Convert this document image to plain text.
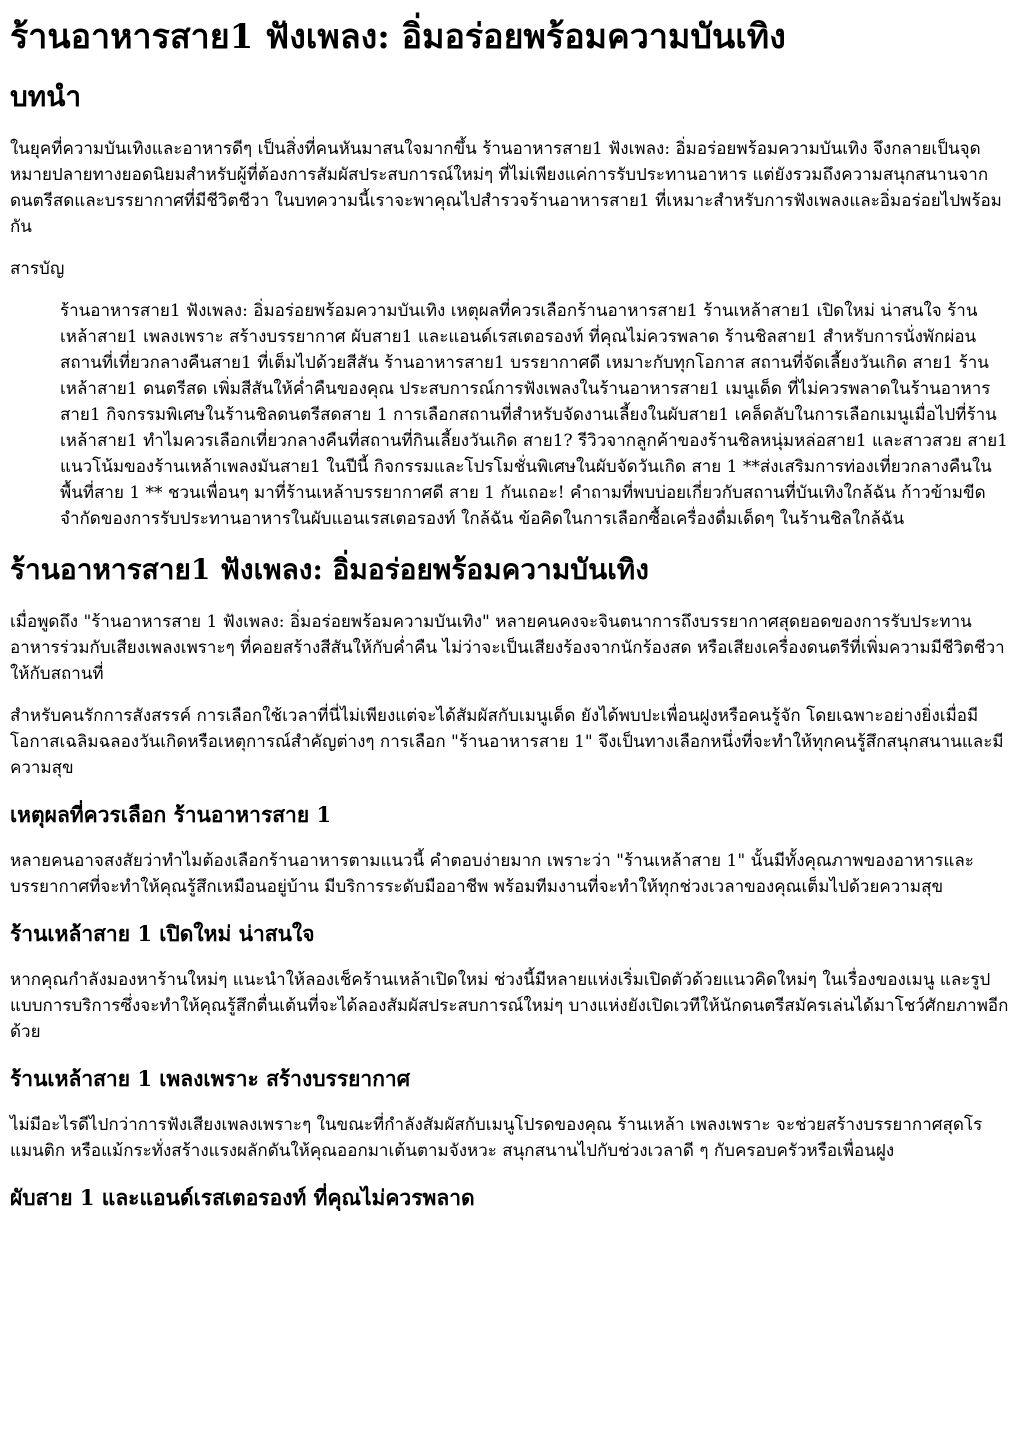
ร้านอาหารสาย1 ฟังเพลง: อิ่มอร่อยพร้อมความบันเทิง
บทนำ

ในยุคที่ความบันเทิงและอาหารดีๆ เป็นสิ่งที่คนหันมาสนใจมากขึ้น ร้านอาหารสาย1 ฟังเพลง: อิ่มอร่อยพร้อมความบันเทิง จึงกลายเป็นจุดหมายปลายทางยอดนิยมสำหรับผู้ที่ต้องการสัมผัสประสบการณ์ใหม่ๆ ที่ไม่เพียงแค่การรับประทานอาหาร แต่ยังรวมถึงความสนุกสนานจากดนตรีสดและบรรยากาศที่มีชีวิตชีวา ในบทความนี้เราจะพาคุณไปสำรวจร้านอาหารสาย1 ที่เหมาะสำหรับการฟังเพลงและอิ่มอร่อยไปพร้อมกัน

สารบัญ
ร้านอาหารสาย1 ฟังเพลง: อิ่มอร่อยพร้อมความบันเทิง เหตุผลที่ควรเลือกร้านอาหารสาย1 ร้านเหล้าสาย1 เปิดใหม่ น่าสนใจ ร้านเหล้าสาย1 เพลงเพราะ สร้างบรรยากาศ ผับสาย1 และแอนด์เรสเตอรองท์ ที่คุณไม่ควรพลาด ร้านชิลสาย1 สำหรับการนั่งพักผ่อน สถานที่เที่ยวกลางคืนสาย1 ที่เต็มไปด้วยสีสัน ร้านอาหารสาย1 บรรยากาศดี เหมาะกับทุกโอกาส สถานที่จัดเลี้ยงวันเกิด สาย1 ร้านเหล้าสาย1 ดนตรีสด เพิ่มสีสันให้ค่ำคืนของคุณ ประสบการณ์การฟังเพลงในร้านอาหารสาย1 เมนูเด็ด ที่ไม่ควรพลาดในร้านอาหารสาย1 กิจกรรมพิเศษในร้านชิลดนตรีสดสาย 1 การเลือกสถานที่สำหรับจัดงานเลี้ยงในผับสาย1 เคล็ดลับในการเลือกเมนูเมื่อไปที่ร้านเหล้าสาย1 ทำไมควรเลือกเที่ยวกลางคืนที่สถานที่กินเลี้ยงวันเกิด สาย1? รีวิวจากลูกค้าของร้านชิลหนุ่มหล่อสาย1 และสาวสวย สาย1 แนวโน้มของร้านเหล้าเพลงมันสาย1 ในปีนี้ กิจกรรมและโปรโมชั่นพิเศษในผับจัดวันเกิด สาย 1 **ส่งเสริมการท่องเที่ยวกลางคืนในพื้นที่สาย 1 ** ชวนเพื่อนๆ มาที่ร้านเหล้าบรรยากาศดี สาย 1 กันเถอะ! คำถามที่พบบ่อยเกี่ยวกับสถานที่บันเทิงใกล้ฉัน ก้าวข้ามขีดจำกัดของการรับประทานอาหารในผับแอนเรสเตอรองท์ ใกล้ฉัน ข้อคิดในการเลือกซื้อเครื่องดื่มเด็ดๆ ในร้านชิลใกล้ฉัน
ร้านอาหารสาย1 ฟังเพลง: อิ่มอร่อยพร้อมความบันเทิง

เมื่อพูดถึง "ร้านอาหารสาย 1 ฟังเพลง: อิ่มอร่อยพร้อมความบันเทิง" หลายคนคงจะจินตนาการถึงบรรยากาศสุดยอดของการรับประทานอาหารร่วมกับเสียงเพลงเพราะๆ ที่คอยสร้างสีสันให้กับค่ำคืน ไม่ว่าจะเป็นเสียงร้องจากนักร้องสด หรือเสียงเครื่องดนตรีที่เพิ่มความมีชีวิตชีวาให้กับสถานที่

สำหรับคนรักการสังสรรค์ การเลือกใช้เวลาที่นี่ไม่เพียงแต่จะได้สัมผัสกับเมนูเด็ด ยังได้พบปะเพื่อนฝูงหรือคนรู้จัก โดยเฉพาะอย่างยิ่งเมื่อมีโอกาสเฉลิมฉลองวันเกิดหรือเหตุการณ์สำคัญต่างๆ การเลือก "ร้านอาหารสาย 1" จึงเป็นทางเลือกหนึ่งที่จะทำให้ทุกคนรู้สึกสนุกสนานและมีความสุข

เหตุผลที่ควรเลือก ร้านอาหารสาย 1

หลายคนอาจสงสัยว่าทำไมต้องเลือกร้านอาหารตามแนวนี้ คำตอบง่ายมาก เพราะว่า "ร้านเหล้าสาย 1" นั้นมีทั้งคุณภาพของอาหารและบรรยากาศที่จะทำให้คุณรู้สึกเหมือนอยู่บ้าน มีบริการระดับมืออาชีพ พร้อมทีมงานที่จะทำให้ทุกช่วงเวลาของคุณเต็มไปด้วยความสุข

ร้านเหล้าสาย 1 เปิดใหม่ น่าสนใจ

หากคุณกำลังมองหาร้านใหม่ๆ แนะนำให้ลองเช็คร้านเหล้าเปิดใหม่ ช่วงนี้มีหลายแห่งเริ่มเปิดตัวด้วยแนวคิดใหม่ๆ ในเรื่องของเมนู และรูปแบบการบริการซึ่งจะทำให้คุณรู้สึกตื่นเต้นที่จะได้ลองสัมผัสประสบการณ์ใหม่ๆ บางแห่งยังเปิดเวทีให้นักดนตรีสมัครเล่นได้มาโชว์ศักยภาพอีกด้วย

ร้านเหล้าสาย 1 เพลงเพราะ สร้างบรรยากาศ

ไม่มีอะไรดีไปกว่าการฟังเสียงเพลงเพราะๆ ในขณะที่กำลังสัมผัสกับเมนูโปรดของคุณ ร้านเหล้า เพลงเพราะ จะช่วยสร้างบรรยากาศสุดโรแมนติก หรือแม้กระทั่งสร้างแรงผลักดันให้คุณออกมาเต้นตามจังหวะ สนุกสนานไปกับช่วงเวลาดี ๆ กับครอบครัวหรือเพื่อนฝูง

ผับสาย 1 และแอนด์เรสเตอรองท์ ที่คุณไม่ควรพลาด
